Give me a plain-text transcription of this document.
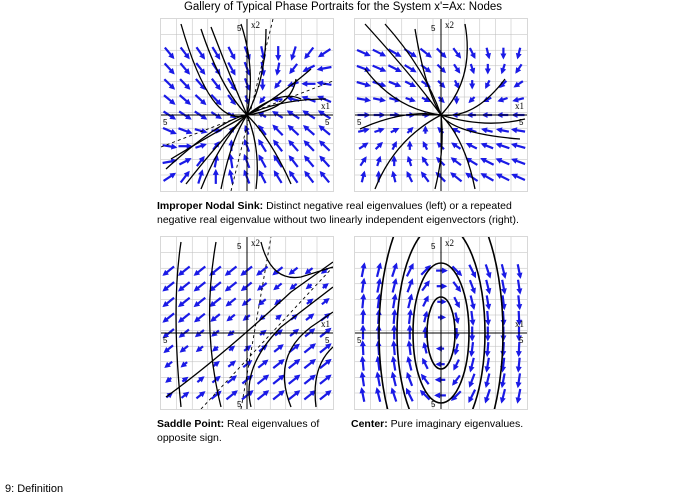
Gallery of Typical Phase Portraits for the System x'=Ax: Nodes
x1
x2
5	5
5
x1
x2
5	5
5
Improper Nodal Sink: Distinct negative real eigenvalues (left) or a repeated
negative real eigenvalue without two linearly independent eigenvectors (right).
x1
x2
5	5
5
5
x1
x2
5	5
5
5
Saddle Point: Real eigenvalues of
opposite sign.
Center: Pure imaginary eigenvalues.
9: Definition
